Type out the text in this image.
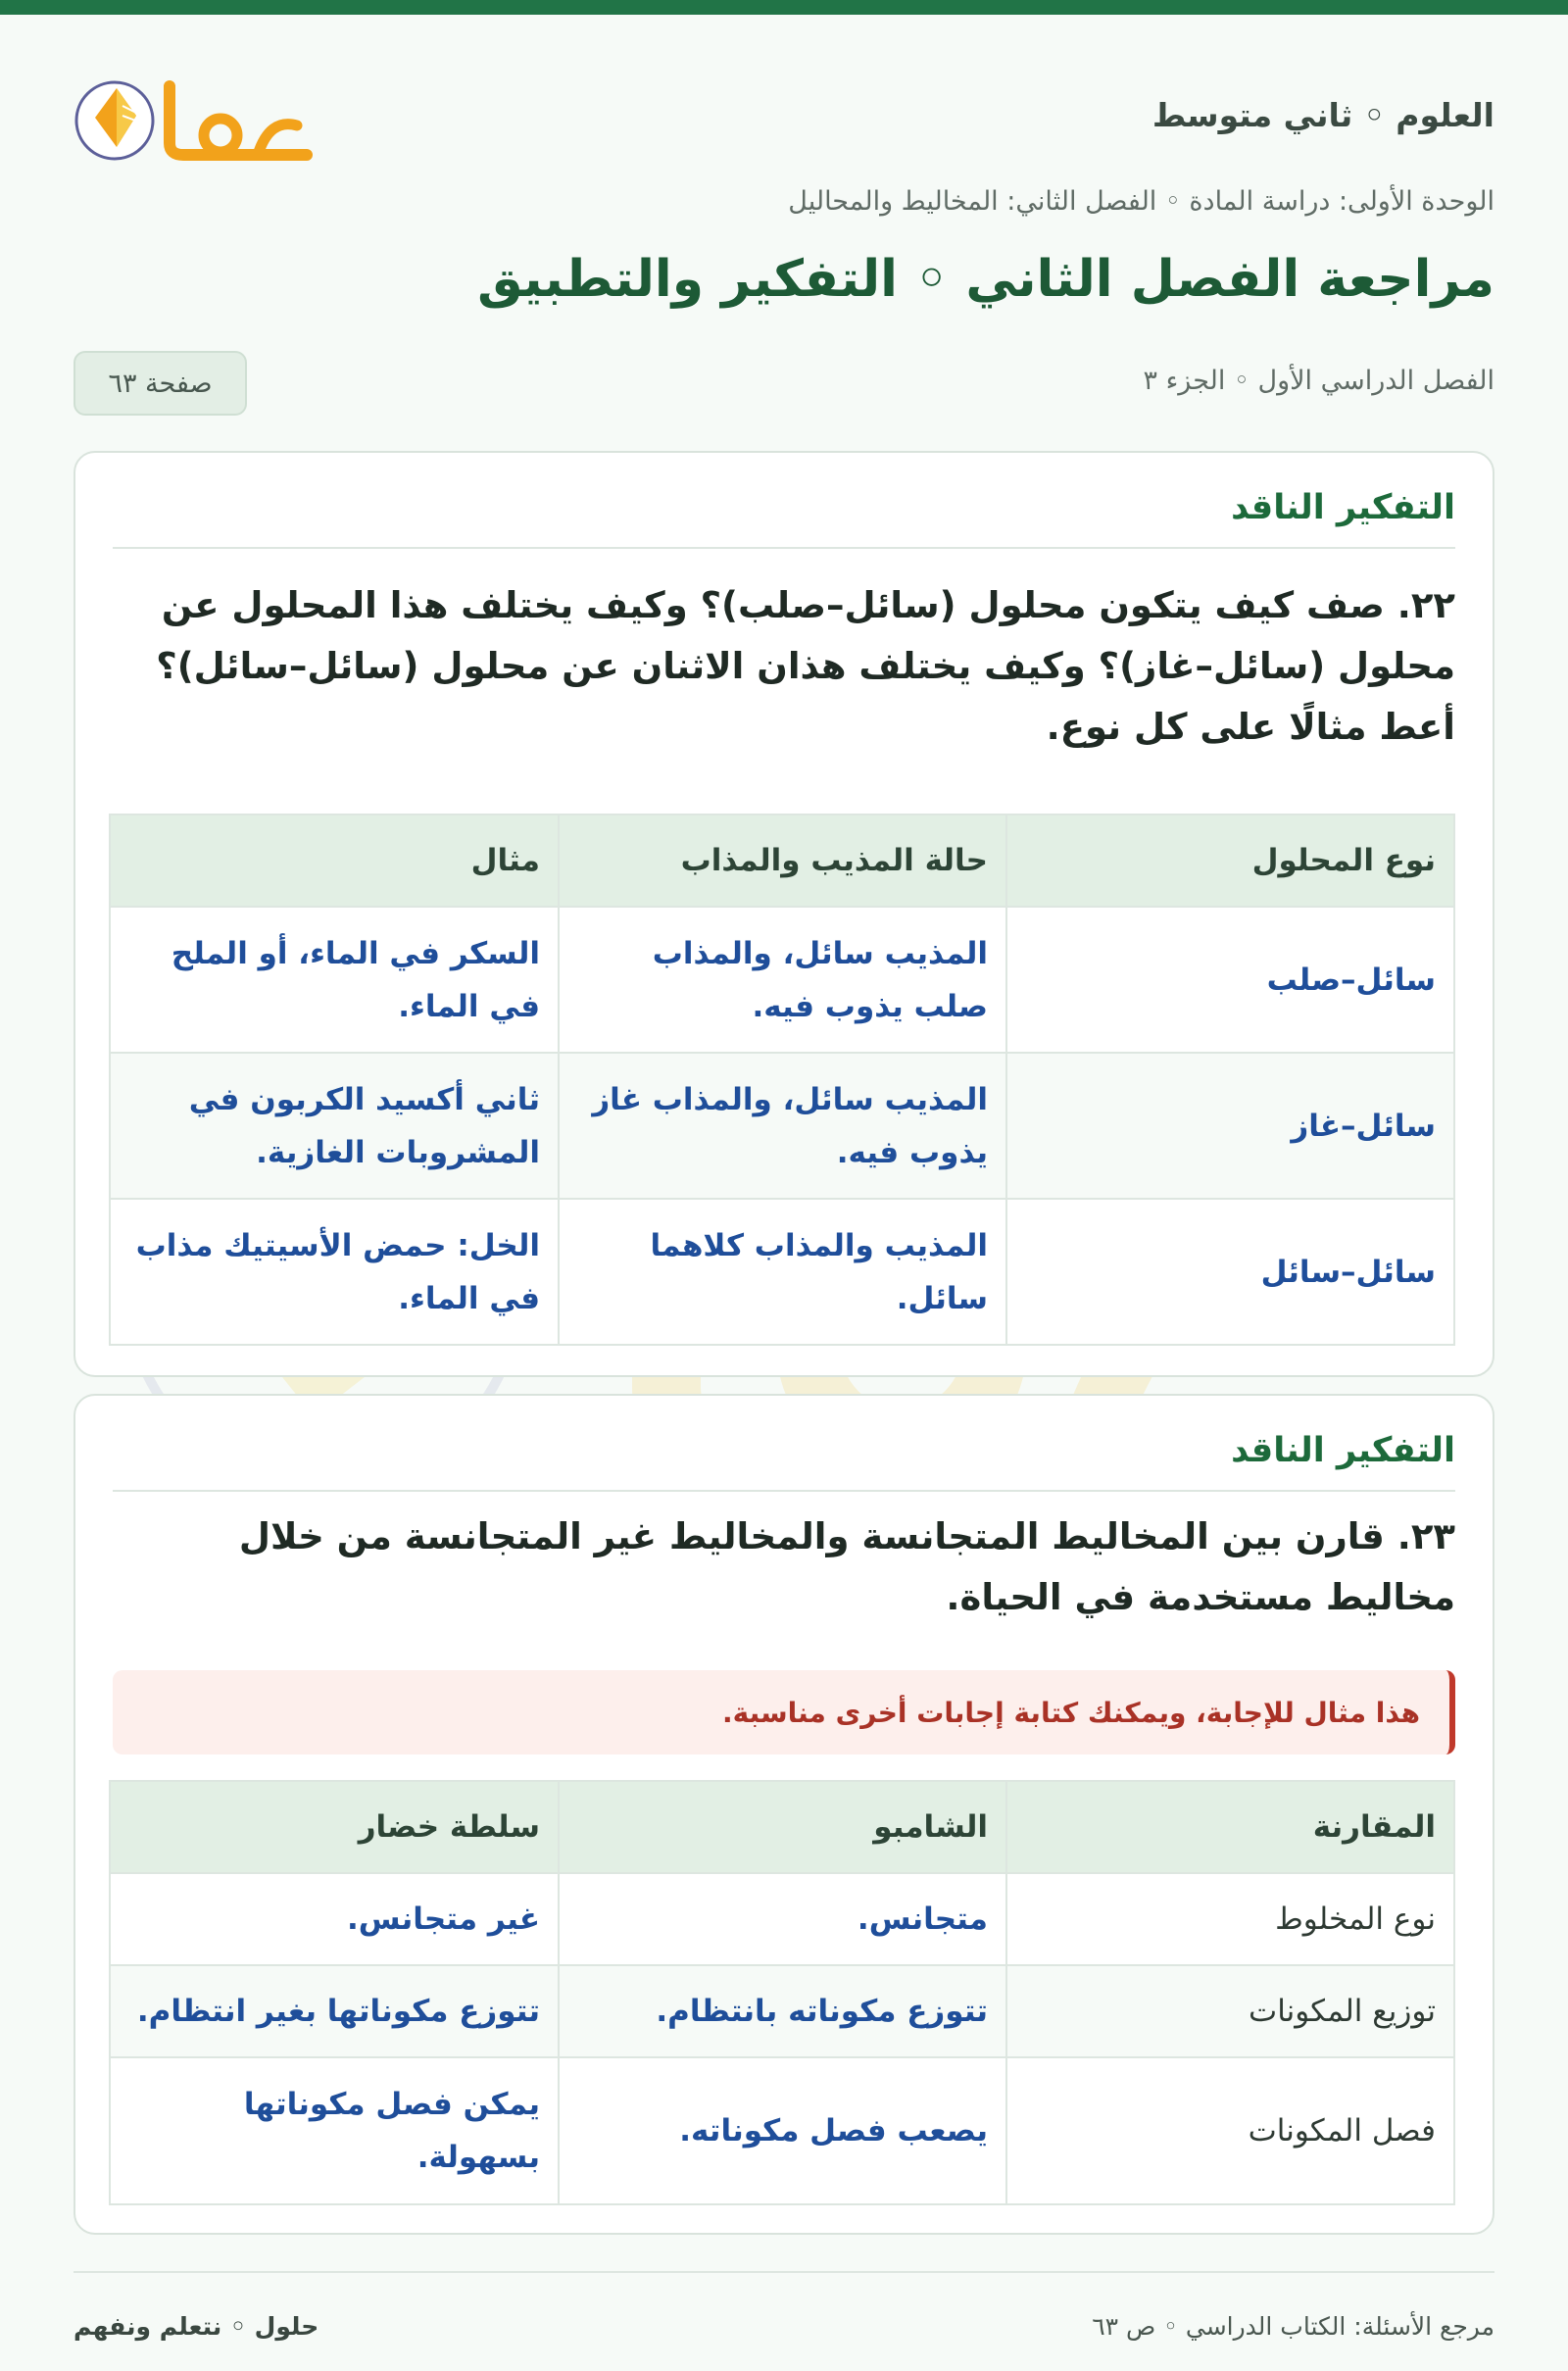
العلوم ◦ ثاني متوسط
الوحدة الأولى: دراسة المادة ◦ الفصل الثاني: المخاليط والمحاليل
مراجعة الفصل الثاني ◦ التفكير والتطبيق
الفصل الدراسي الأول ◦ الجزء ٣
صفحة ٦٣
التفكير الناقد
٢٢. صف كيف يتكون محلول (سائل–صلب)؟ وكيف يختلف هذا المحلول عن محلول (سائل–غاز)؟ وكيف يختلف هذان الاثنان عن محلول (سائل–سائل)؟ أعط مثالًا على كل نوع.
نوع المحلول	حالة المذيب والمذاب	مثال
سائل–صلب	المذيب سائل، والمذاب صلب يذوب فيه.	السكر في الماء، أو الملح في الماء.
سائل–غاز	المذيب سائل، والمذاب غاز يذوب فيه.	ثاني أكسيد الكربون في المشروبات الغازية.
سائل–سائل	المذيب والمذاب كلاهما سائل.	الخل: حمض الأسيتيك مذاب في الماء.
التفكير الناقد
٢٣. قارن بين المخاليط المتجانسة والمخاليط غير المتجانسة من خلال مخاليط مستخدمة في الحياة.
هذا مثال للإجابة، ويمكنك كتابة إجابات أخرى مناسبة.
المقارنة	الشامبو	سلطة خضار
نوع المخلوط	متجانس.	غير متجانس.
توزيع المكونات	تتوزع مكوناته بانتظام.	تتوزع مكوناتها بغير انتظام.
فصل المكونات	يصعب فصل مكوناته.	يمكن فصل مكوناتها بسهولة.
مرجع الأسئلة: الكتاب الدراسي ◦ ص ٦٣
حلول ◦ نتعلم ونفهم
